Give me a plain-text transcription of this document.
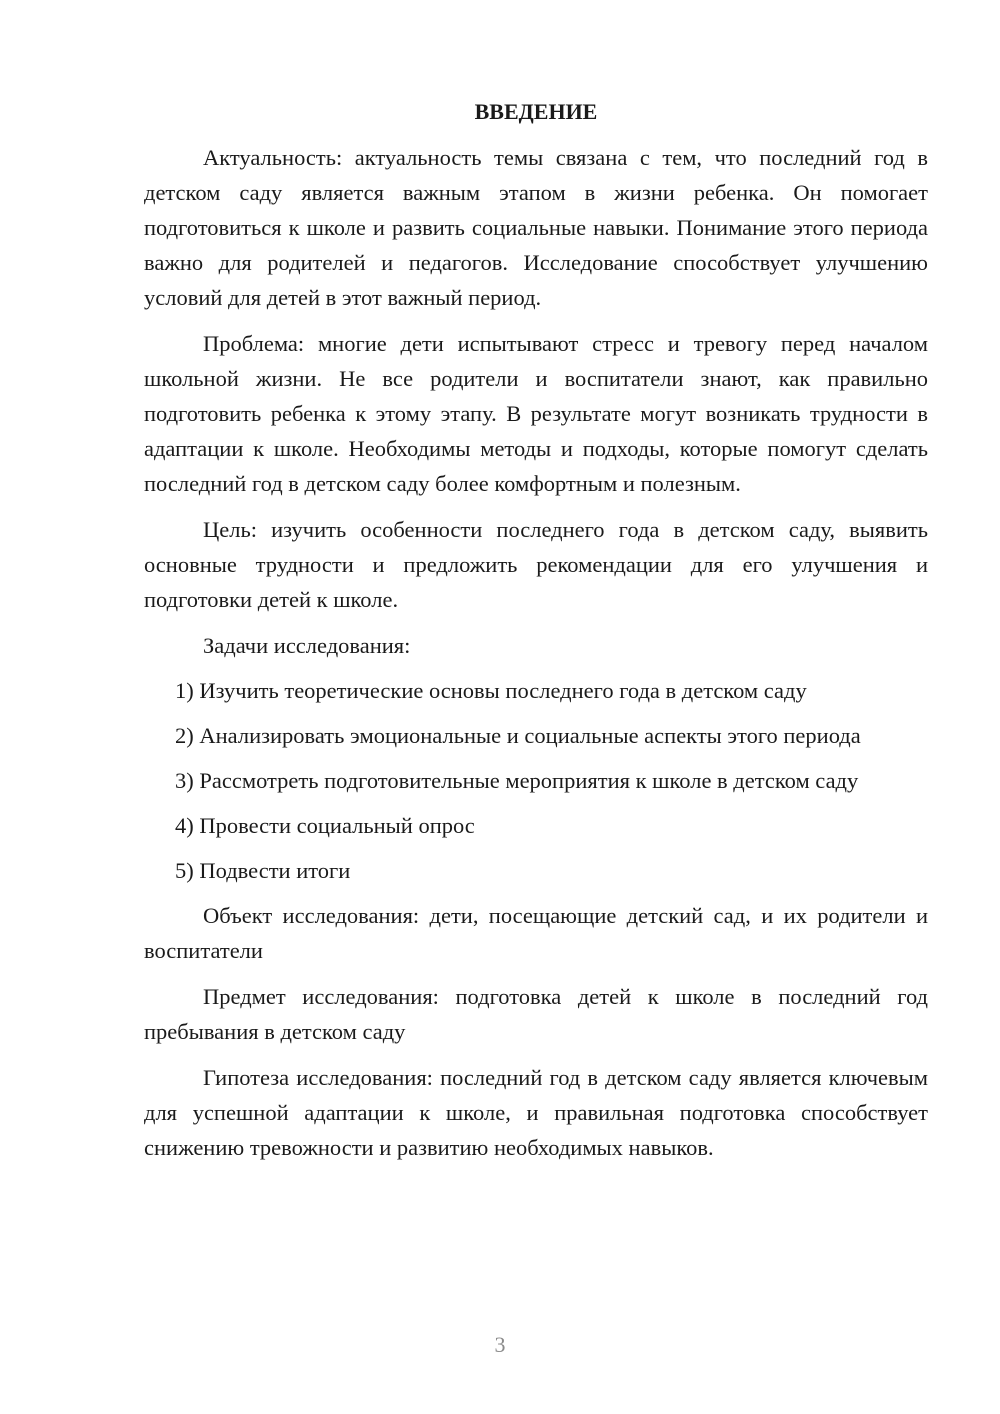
ВВЕДЕНИЕ

Актуальность: актуальность темы связана с тем, что последний год в детском саду является важным этапом в жизни ребенка. Он помогает подготовиться к школе и развить социальные навыки. Понимание этого периода важно для родителей и педагогов. Исследование способствует улучшению условий для детей в этот важный период.

Проблема: многие дети испытывают стресс и тревогу перед началом школьной жизни. Не все родители и воспитатели знают, как правильно подготовить ребенка к этому этапу. В результате могут возникать трудности в адаптации к школе. Необходимы методы и подходы, которые помогут сделать последний год в детском саду более комфортным и полезным.

Цель: изучить особенности последнего года в детском саду, выявить основные трудности и предложить рекомендации для его улучшения и подготовки детей к школе.

Задачи исследования:

1) Изучить теоретические основы последнего года в детском саду

2) Анализировать эмоциональные и социальные аспекты этого периода

3) Рассмотреть подготовительные мероприятия к школе в детском саду

4) Провести социальный опрос

5) Подвести итоги

Объект исследования: дети, посещающие детский сад, и их родители и воспитатели

Предмет исследования: подготовка детей к школе в последний год пребывания в детском саду

Гипотеза исследования: последний год в детском саду является ключевым для успешной адаптации к школе, и правильная подготовка способствует снижению тревожности и развитию необходимых навыков.

3
